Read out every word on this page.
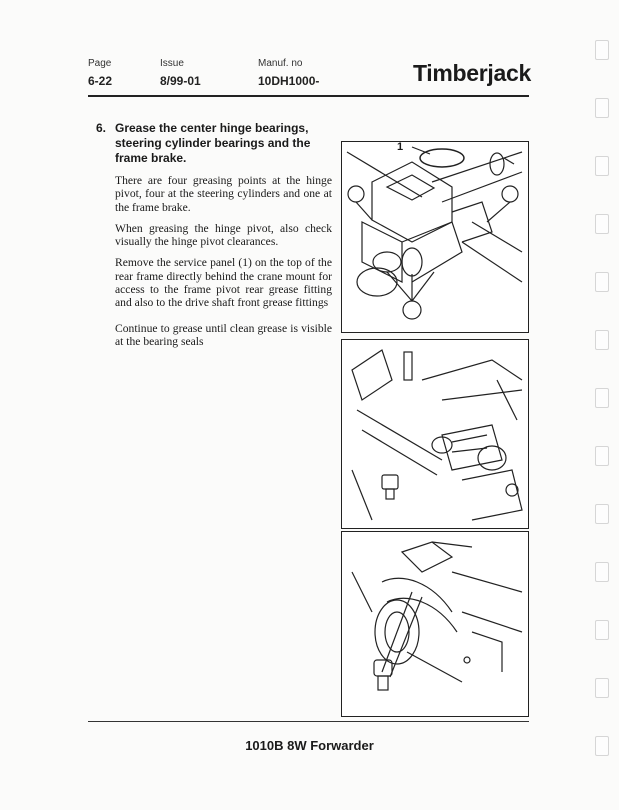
Page
6-22
Issue
8/99-01
Manuf. no
10DH1000-	Timberjack
6. Grease the center hinge bearings, steering cylinder bearings and the frame brake.
There are four greasing points at the hinge pivot, four at the steering cylinders and one at the frame brake.
When greasing the hinge pivot, also check visually the hinge pivot clearances.
Remove the service panel (1) on the top of the rear frame directly behind the crane mount for access to the frame pivot rear grease fitting and also to the drive shaft front grease fittings
Continue to grease until clean grease is visible at the bearing seals
1
1010B 8W Forwarder
